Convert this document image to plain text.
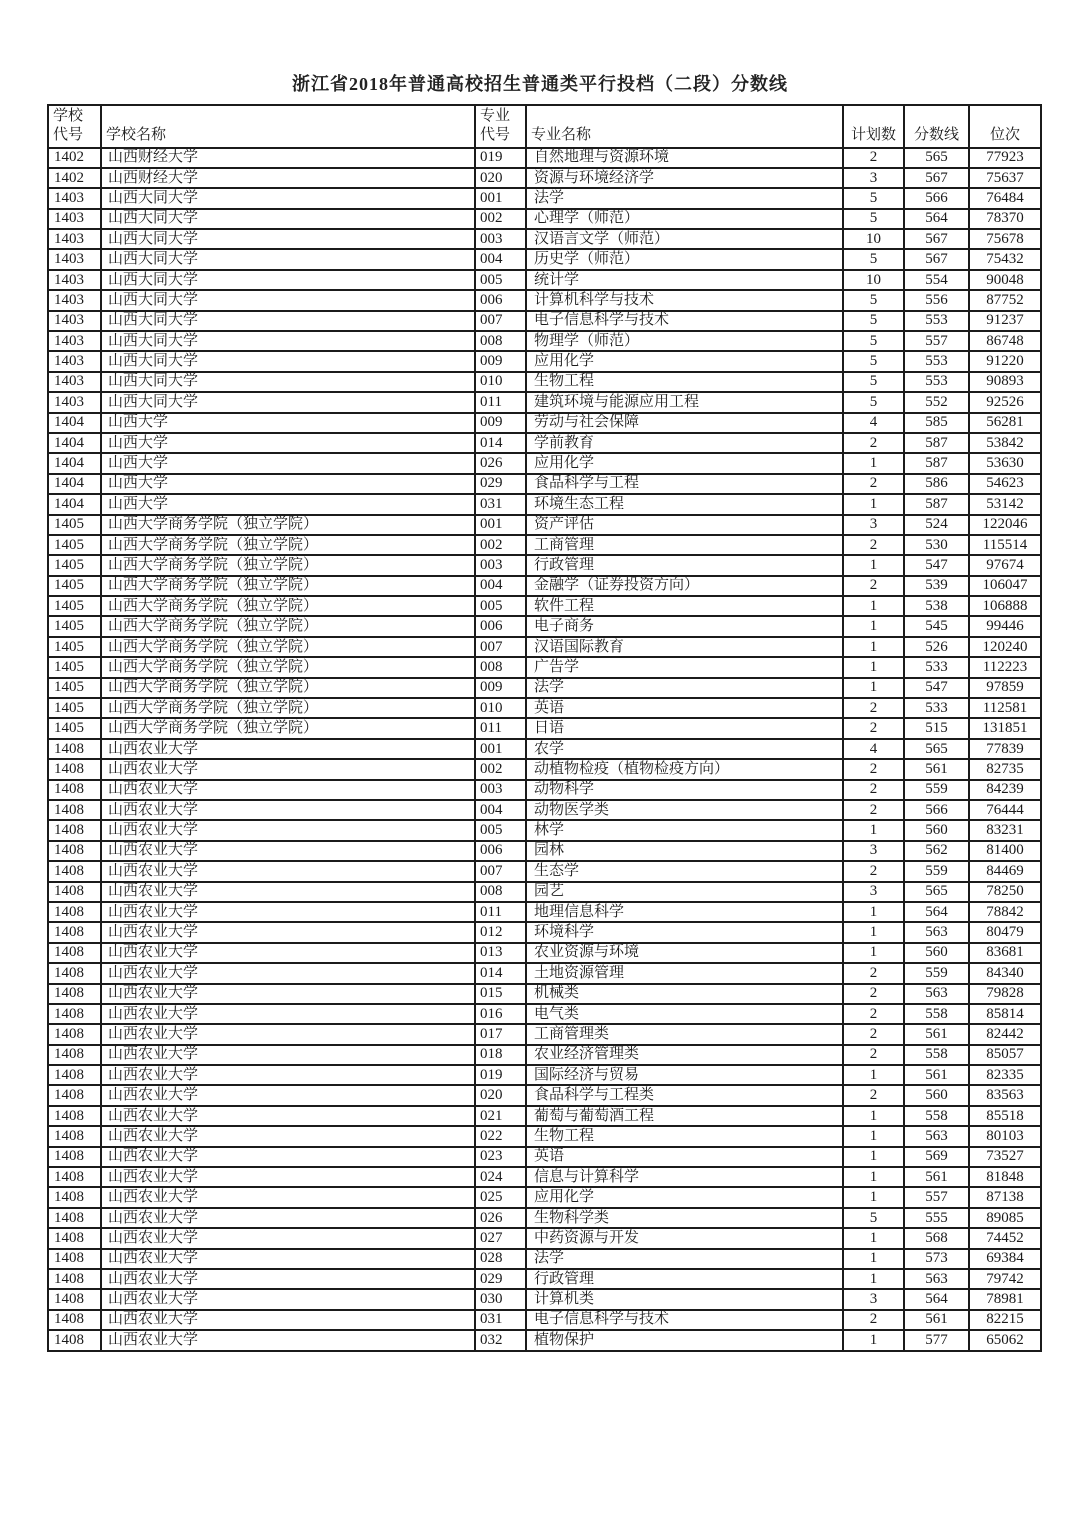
浙江省2018年普通高校招生普通类平行投档（二段）分数线
学校代号	学校名称	专业代号	专业名称	计划数	分数线	位次
1402	山西财经大学	019	自然地理与资源环境	2	565	77923
1402	山西财经大学	020	资源与环境经济学	3	567	75637
1403	山西大同大学	001	法学	5	566	76484
1403	山西大同大学	002	心理学（师范）	5	564	78370
1403	山西大同大学	003	汉语言文学（师范）	10	567	75678
1403	山西大同大学	004	历史学（师范）	5	567	75432
1403	山西大同大学	005	统计学	10	554	90048
1403	山西大同大学	006	计算机科学与技术	5	556	87752
1403	山西大同大学	007	电子信息科学与技术	5	553	91237
1403	山西大同大学	008	物理学（师范）	5	557	86748
1403	山西大同大学	009	应用化学	5	553	91220
1403	山西大同大学	010	生物工程	5	553	90893
1403	山西大同大学	011	建筑环境与能源应用工程	5	552	92526
1404	山西大学	009	劳动与社会保障	4	585	56281
1404	山西大学	014	学前教育	2	587	53842
1404	山西大学	026	应用化学	1	587	53630
1404	山西大学	029	食品科学与工程	2	586	54623
1404	山西大学	031	环境生态工程	1	587	53142
1405	山西大学商务学院（独立学院）	001	资产评估	3	524	122046
1405	山西大学商务学院（独立学院）	002	工商管理	2	530	115514
1405	山西大学商务学院（独立学院）	003	行政管理	1	547	97674
1405	山西大学商务学院（独立学院）	004	金融学（证券投资方向）	2	539	106047
1405	山西大学商务学院（独立学院）	005	软件工程	1	538	106888
1405	山西大学商务学院（独立学院）	006	电子商务	1	545	99446
1405	山西大学商务学院（独立学院）	007	汉语国际教育	1	526	120240
1405	山西大学商务学院（独立学院）	008	广告学	1	533	112223
1405	山西大学商务学院（独立学院）	009	法学	1	547	97859
1405	山西大学商务学院（独立学院）	010	英语	2	533	112581
1405	山西大学商务学院（独立学院）	011	日语	2	515	131851
1408	山西农业大学	001	农学	4	565	77839
1408	山西农业大学	002	动植物检疫（植物检疫方向）	2	561	82735
1408	山西农业大学	003	动物科学	2	559	84239
1408	山西农业大学	004	动物医学类	2	566	76444
1408	山西农业大学	005	林学	1	560	83231
1408	山西农业大学	006	园林	3	562	81400
1408	山西农业大学	007	生态学	2	559	84469
1408	山西农业大学	008	园艺	3	565	78250
1408	山西农业大学	011	地理信息科学	1	564	78842
1408	山西农业大学	012	环境科学	1	563	80479
1408	山西农业大学	013	农业资源与环境	1	560	83681
1408	山西农业大学	014	土地资源管理	2	559	84340
1408	山西农业大学	015	机械类	2	563	79828
1408	山西农业大学	016	电气类	2	558	85814
1408	山西农业大学	017	工商管理类	2	561	82442
1408	山西农业大学	018	农业经济管理类	2	558	85057
1408	山西农业大学	019	国际经济与贸易	1	561	82335
1408	山西农业大学	020	食品科学与工程类	2	560	83563
1408	山西农业大学	021	葡萄与葡萄酒工程	1	558	85518
1408	山西农业大学	022	生物工程	1	563	80103
1408	山西农业大学	023	英语	1	569	73527
1408	山西农业大学	024	信息与计算科学	1	561	81848
1408	山西农业大学	025	应用化学	1	557	87138
1408	山西农业大学	026	生物科学类	5	555	89085
1408	山西农业大学	027	中药资源与开发	1	568	74452
1408	山西农业大学	028	法学	1	573	69384
1408	山西农业大学	029	行政管理	1	563	79742
1408	山西农业大学	030	计算机类	3	564	78981
1408	山西农业大学	031	电子信息科学与技术	2	561	82215
1408	山西农业大学	032	植物保护	1	577	65062
